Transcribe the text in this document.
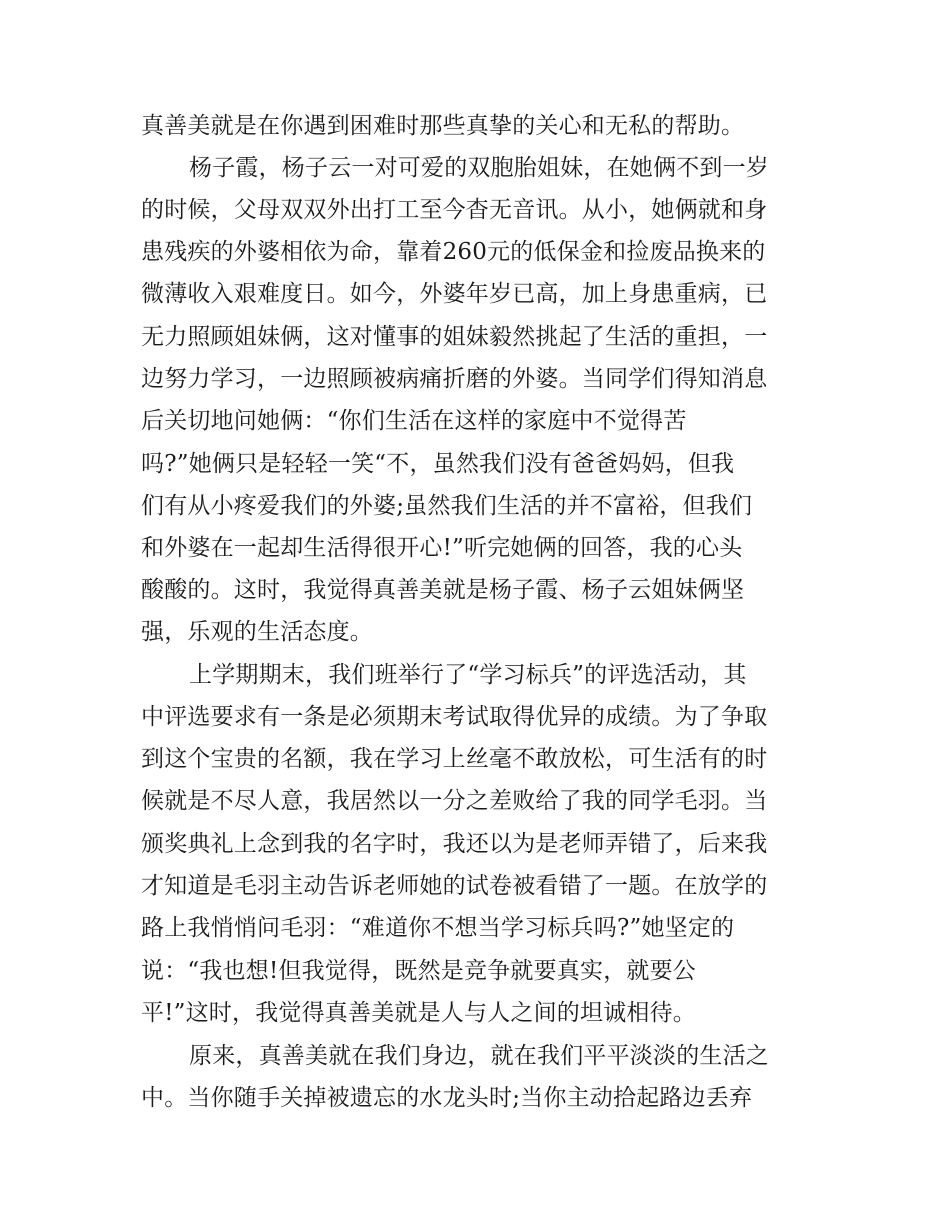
真善美就是在你遇到困难时那些真挚的关心和无私的帮助。
杨子霞，杨子云一对可爱的双胞胎姐妹，在她俩不到一岁
的时候，父母双双外出打工至今杳无音讯。从小，她俩就和身
患残疾的外婆相依为命，靠着260元的低保金和捡废品换来的
微薄收入艰难度日。如今，外婆年岁已高，加上身患重病，已
无力照顾姐妹俩，这对懂事的姐妹毅然挑起了生活的重担，一
边努力学习，一边照顾被病痛折磨的外婆。当同学们得知消息
后关切地问她俩：“你们生活在这样的家庭中不觉得苦
吗?”她俩只是轻轻一笑“不，虽然我们没有爸爸妈妈，但我
们有从小疼爱我们的外婆;虽然我们生活的并不富裕，但我们
和外婆在一起却生活得很开心!”听完她俩的回答，我的心头
酸酸的。这时，我觉得真善美就是杨子霞、杨子云姐妹俩坚
强，乐观的生活态度。
上学期期末，我们班举行了“学习标兵”的评选活动，其
中评选要求有一条是必须期末考试取得优异的成绩。为了争取
到这个宝贵的名额，我在学习上丝毫不敢放松，可生活有的时
候就是不尽人意，我居然以一分之差败给了我的同学毛羽。当
颁奖典礼上念到我的名字时，我还以为是老师弄错了，后来我
才知道是毛羽主动告诉老师她的试卷被看错了一题。在放学的
路上我悄悄问毛羽：“难道你不想当学习标兵吗?”她坚定的
说：“我也想!但我觉得，既然是竞争就要真实，就要公
平!”这时，我觉得真善美就是人与人之间的坦诚相待。
原来，真善美就在我们身边，就在我们平平淡淡的生活之
中。当你随手关掉被遗忘的水龙头时;当你主动拾起路边丢弃
